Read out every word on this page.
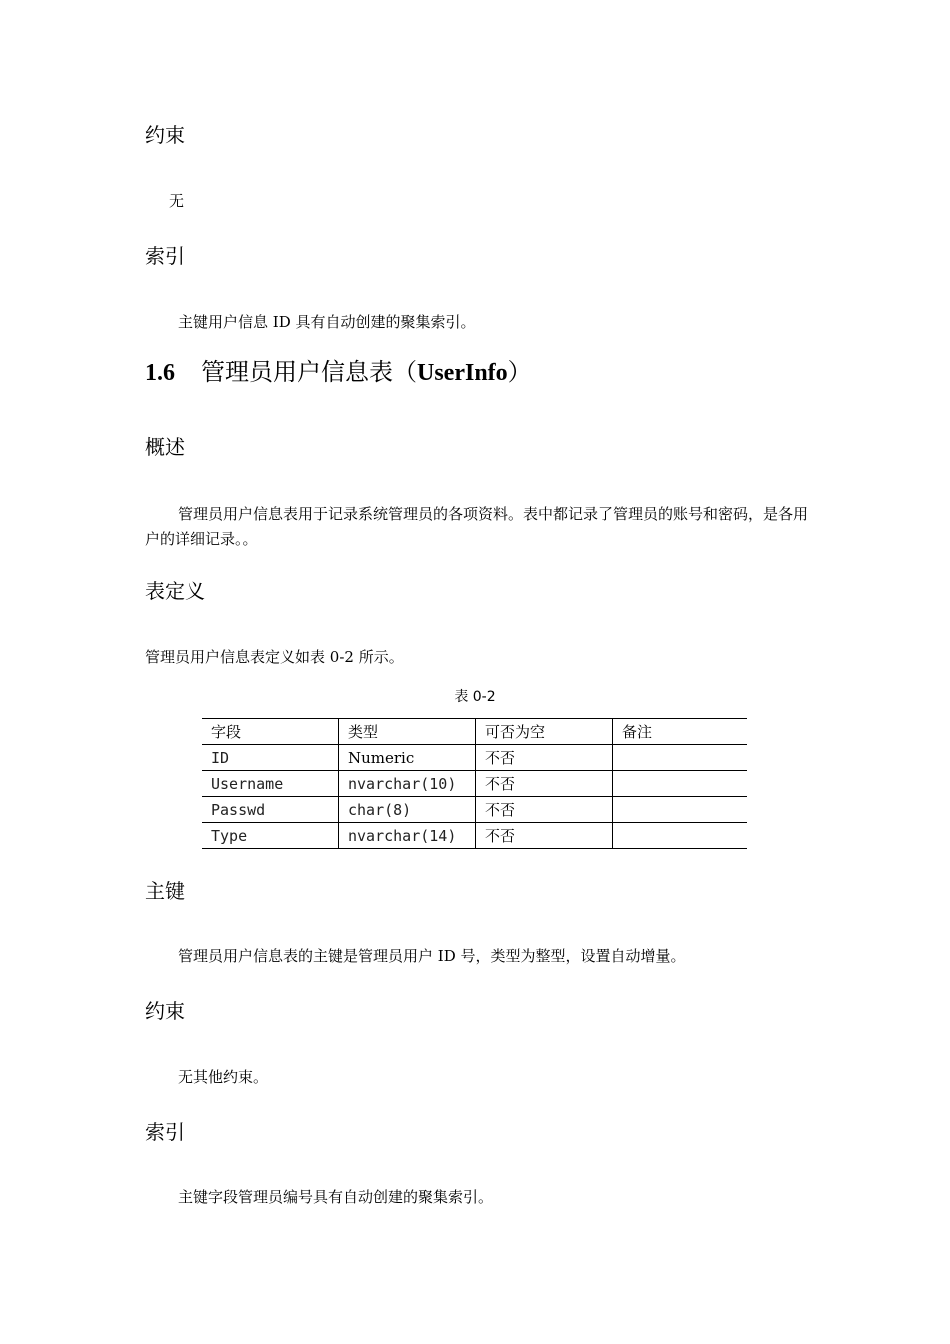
约束
无
索引
主键用户信息 ID 具有自动创建的聚集索引。
1.6 管理员用户信息表（UserInfo）
概述
管理员用户信息表用于记录系统管理员的各项资料。表中都记录了管理员的账号和密码，是各用户的详细记录。。
表定义
管理员用户信息表定义如表 0-2 所示。
表 0-2
字段	类型	可否为空	备注
ID	Numeric	不否	
Username	nvarchar(10)	不否	
Passwd	char(8)	不否	
Type	nvarchar(14)	不否	
主键
管理员用户信息表的主键是管理员用户 ID 号，类型为整型，设置自动增量。
约束
无其他约束。
索引
主键字段管理员编号具有自动创建的聚集索引。
